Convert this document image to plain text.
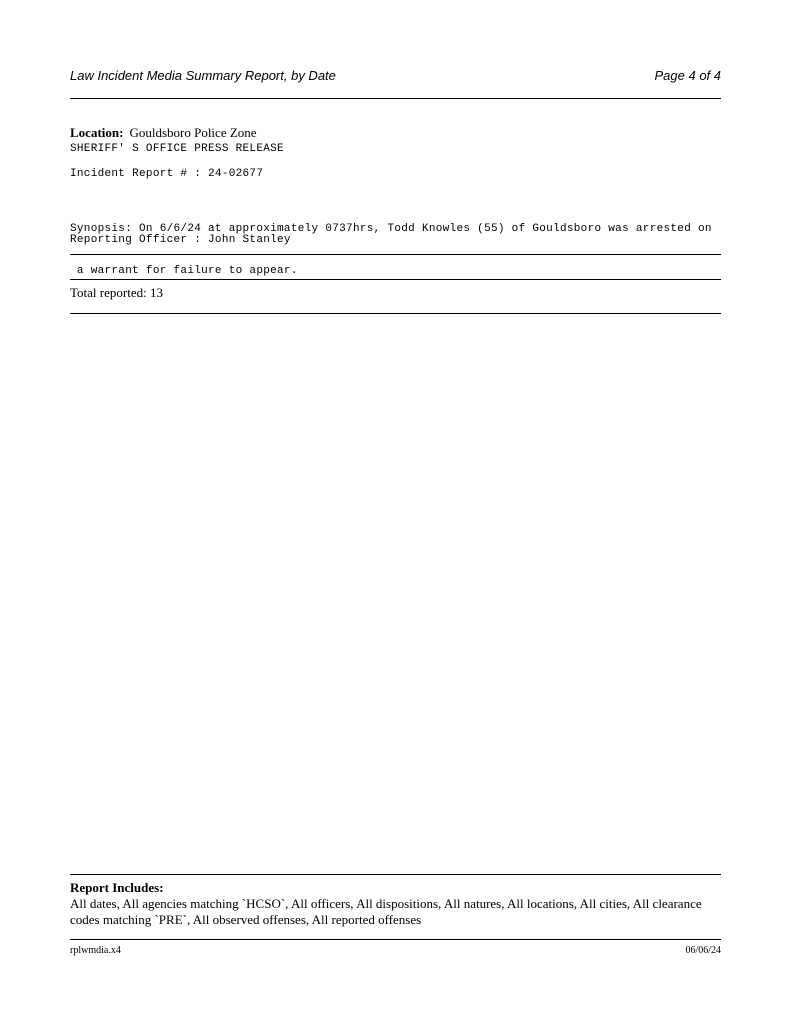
Law Incident Media Summary Report, by Date	Page 4 of 4
Location: Gouldsboro Police Zone
SHERIFF' S OFFICE PRESS RELEASE
Incident Report # : 24-02677

Synopsis: On 6/6/24 at approximately 0737hrs, Todd Knowles (55) of Gouldsboro was arrested on

a warrant for failure to appear.

Reporting Officer : John Stanley
Total reported: 13
Report Includes:
All dates, All agencies matching `HCSO`, All officers, All dispositions, All natures, All locations, All cities, All clearance codes matching `PRE`, All observed offenses, All reported offenses
rplwmdia.x4	06/06/24
